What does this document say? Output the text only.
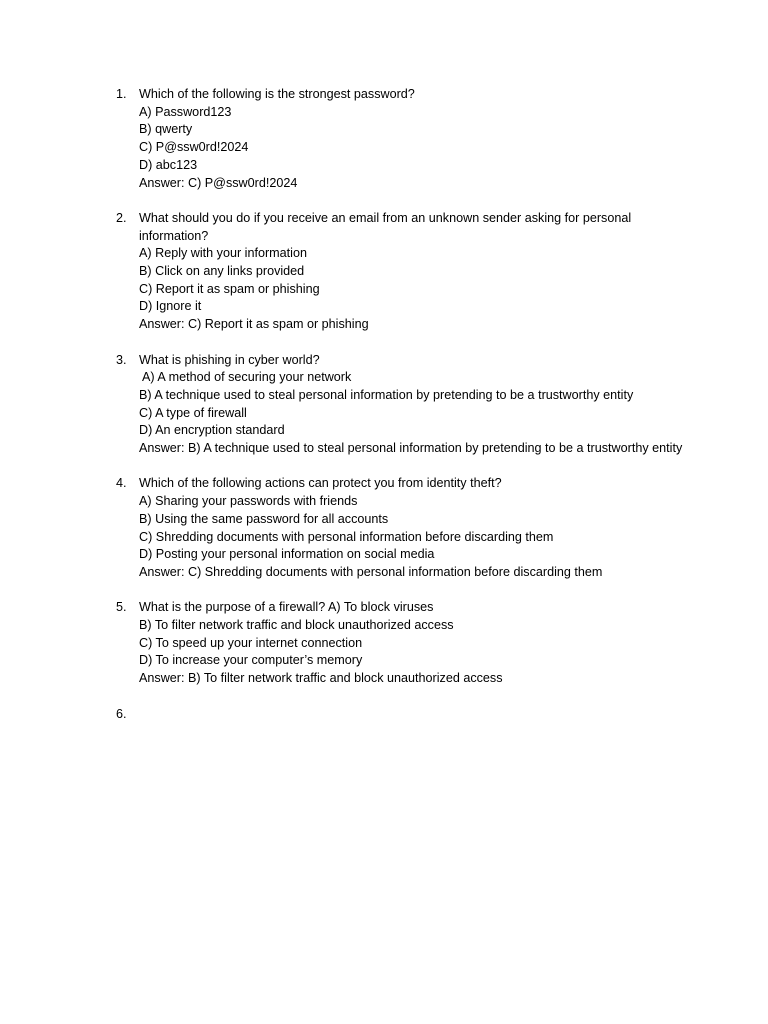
1. Which of the following is the strongest password?
A) Password123
B) qwerty
C) P@ssw0rd!2024
D) abc123
Answer: C) P@ssw0rd!2024
2. What should you do if you receive an email from an unknown sender asking for personal information?
A) Reply with your information
B) Click on any links provided
C) Report it as spam or phishing
D) Ignore it
Answer: C) Report it as spam or phishing
3. What is phishing in cyber world?
A) A method of securing your network
B) A technique used to steal personal information by pretending to be a trustworthy entity
C) A type of firewall
D) An encryption standard
Answer: B) A technique used to steal personal information by pretending to be a trustworthy entity
4. Which of the following actions can protect you from identity theft?
A) Sharing your passwords with friends
B) Using the same password for all accounts
C) Shredding documents with personal information before discarding them
D) Posting your personal information on social media
Answer: C) Shredding documents with personal information before discarding them
5. What is the purpose of a firewall? A) To block viruses
B) To filter network traffic and block unauthorized access
C) To speed up your internet connection
D) To increase your computer’s memory
Answer: B) To filter network traffic and block unauthorized access
6.
